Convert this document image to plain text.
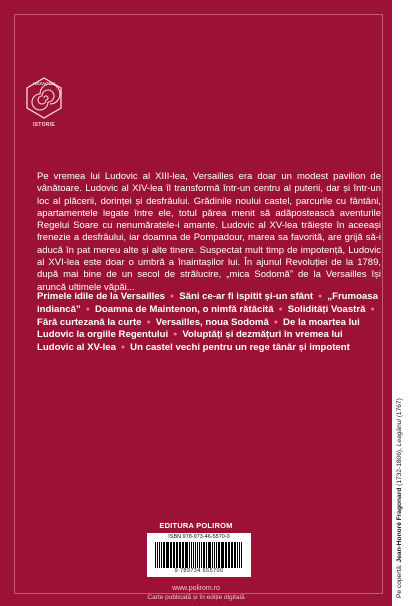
HEXAGON
ISTORIE
Pe vremea lui Ludovic al XIII-lea, Versailles era doar un modest pavilion de vânătoare. Ludovic al XIV-lea îl transformă într-un centru al puterii, dar și într-un loc al plăcerii, dorinței și desfrâului. Grădinile noului castel, parcurile cu fântâni, apartamentele legate între ele, totul părea menit să adăpostească aventurile Regelui Soare cu nenumăratele-i amante. Ludovic al XV-lea trăiește în aceeași frenezie a desfrâului, iar doamna de Pompadour, marea sa favorită, are grijă să-i aducă în pat mereu alte și alte tinere. Suspectat mult timp de impotență, Ludovic al XVI-lea este doar o umbră a înaintașilor lui. În ajunul Revoluției de la 1789, după mai bine de un secol de strălucire, „mica Sodomă” de la Versailles își aruncă ultimele văpăi...
Primele idile de la Versailles ● Săni ce-ar fi ispitit și-un sfânt ● „Frumoasa indiancă” ● Doamna de Maintenon, o nimfă rătăcită ● Solidități Voastră ●Fără curtezană la curte ● Versailles, noua Sodomă ● De la moartea lui Ludovic la orgiile Regentului ● Voluptăți și dezmățuri în vremea lui Ludovic al XV-lea ● Un castel vechi pentru un rege tânăr și impotent
EDITURA POLIROM
ISBN 978-973-46-5570-0
9 789734 655700
www.polirom.ro
Carte publicată și în ediție digitală	Pe copertă: Jean-Honoré Fragonard (1732-1806), Leagănul (1767)
